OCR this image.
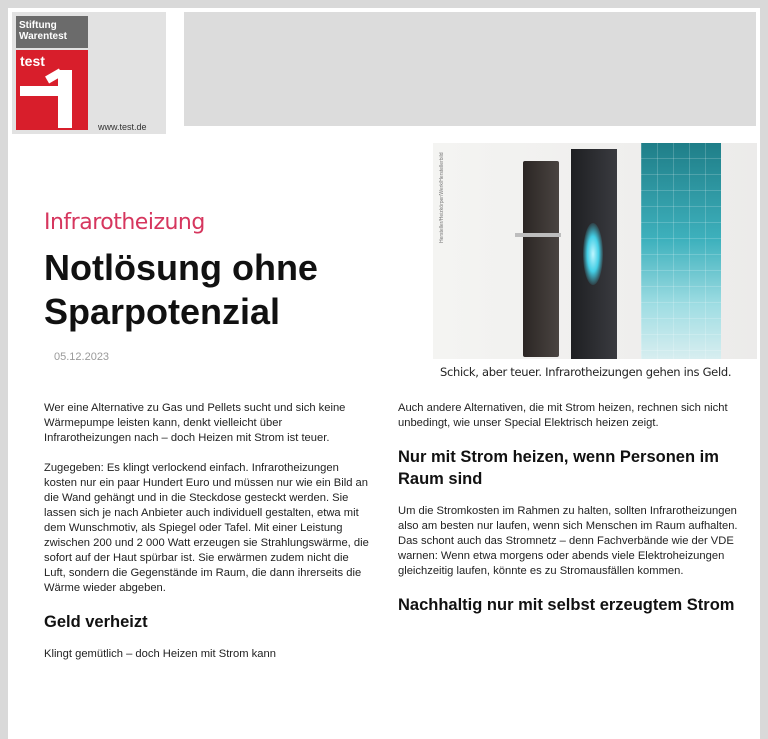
Stiftung
Warentest
test
www.test.de
Infrarotheizung
Notlösung ohne Sparpotenzial
05.12.2023
Hersteller/Heizkörper/Werk/Herstellerbild
Schick, aber teuer. Infrarotheizungen gehen ins Geld.

Wer eine Alternative zu Gas und Pellets sucht und sich keine Wärmepumpe leisten kann, denkt vielleicht über Infrarotheizungen nach ‒ doch Heizen mit Strom ist teuer.

Zugegeben: Es klingt verlockend einfach. Infrarotheizungen kosten nur ein paar Hundert Euro und müssen nur wie ein Bild an die Wand gehängt und in die Steckdose gesteckt werden. Sie lassen sich je nach Anbieter auch individuell gestalten, etwa mit dem Wunschmotiv, als Spiegel oder Tafel. Mit einer Leistung zwischen 200 und 2 000 Watt erzeugen sie Strahlungswärme, die sofort auf der Haut spürbar ist. Sie erwärmen zudem nicht die Luft, sondern die Gegenstände im Raum, die dann ihrerseits die Wärme wieder abgeben.

Geld verheizt

Klingt gemütlich – doch Heizen mit Strom kann

Auch andere Alternativen, die mit Strom heizen, rechnen sich nicht unbedingt, wie unser Special Elektrisch heizen zeigt.

Nur mit Strom heizen, wenn Personen im Raum sind

Um die Stromkosten im Rahmen zu halten, sollten Infrarotheizungen also am besten nur laufen, wenn sich Menschen im Raum aufhalten. Das schont auch das Stromnetz – denn Fachverbände wie der VDE warnen: Wenn etwa morgens oder abends viele Elektroheizungen gleichzeitig laufen, könnte es zu Stromausfällen kommen.

Nachhaltig nur mit selbst erzeugtem Strom
